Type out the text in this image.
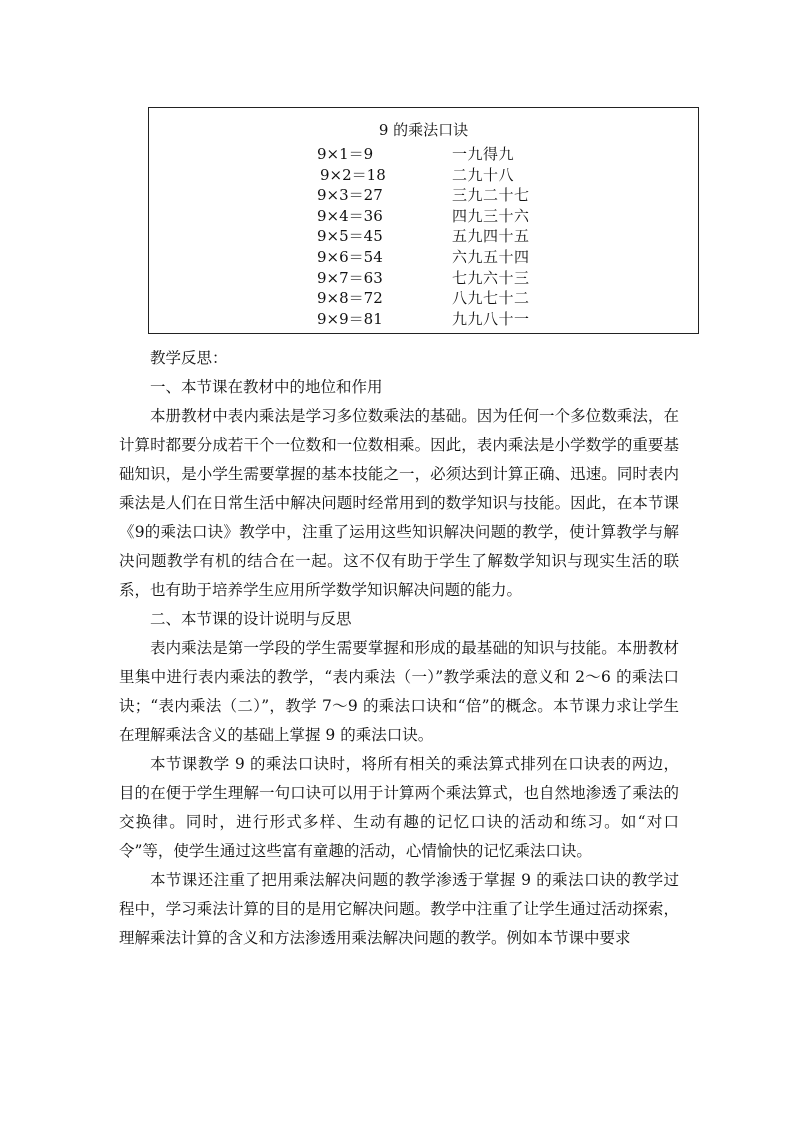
9 的乘法口诀
9×1＝9	一九得九
9×2＝18	二九十八
9×3＝27	三九二十七
9×4＝36	四九三十六
9×5＝45	五九四十五
9×6＝54	六九五十四
9×7＝63	七九六十三
9×8＝72	八九七十二
9×9＝81	九九八十一

教学反思：

一、本节课在教材中的地位和作用

本册教材中表内乘法是学习多位数乘法的基础。因为任何一个多位数乘法，在计算时都要分成若干个一位数和一位数相乘。因此，表内乘法是小学数学的重要基础知识，是小学生需要掌握的基本技能之一，必须达到计算正确、迅速。同时表内乘法是人们在日常生活中解决问题时经常用到的数学知识与技能。因此，在本节课《9的乘法口诀》教学中，注重了运用这些知识解决问题的教学，使计算教学与解决问题教学有机的结合在一起。这不仅有助于学生了解数学知识与现实生活的联系，也有助于培养学生应用所学数学知识解决问题的能力。

二、本节课的设计说明与反思

表内乘法是第一学段的学生需要掌握和形成的最基础的知识与技能。本册教材里集中进行表内乘法的教学，“表内乘法（一）”教学乘法的意义和 2～6 的乘法口诀；“表内乘法（二）”，教学 7～9 的乘法口诀和“倍”的概念。本节课力求让学生在理解乘法含义的基础上掌握 9 的乘法口诀。

本节课教学 9 的乘法口诀时，将所有相关的乘法算式排列在口诀表的两边，目的在便于学生理解一句口诀可以用于计算两个乘法算式，也自然地渗透了乘法的交换律。同时，进行形式多样、生动有趣的记忆口诀的活动和练习。如“对口令”等，使学生通过这些富有童趣的活动，心情愉快的记忆乘法口诀。

本节课还注重了把用乘法解决问题的教学渗透于掌握 9 的乘法口诀的教学过程中，学习乘法计算的目的是用它解决问题。教学中注重了让学生通过活动探索，理解乘法计算的含义和方法渗透用乘法解决问题的教学。例如本节课中要求
